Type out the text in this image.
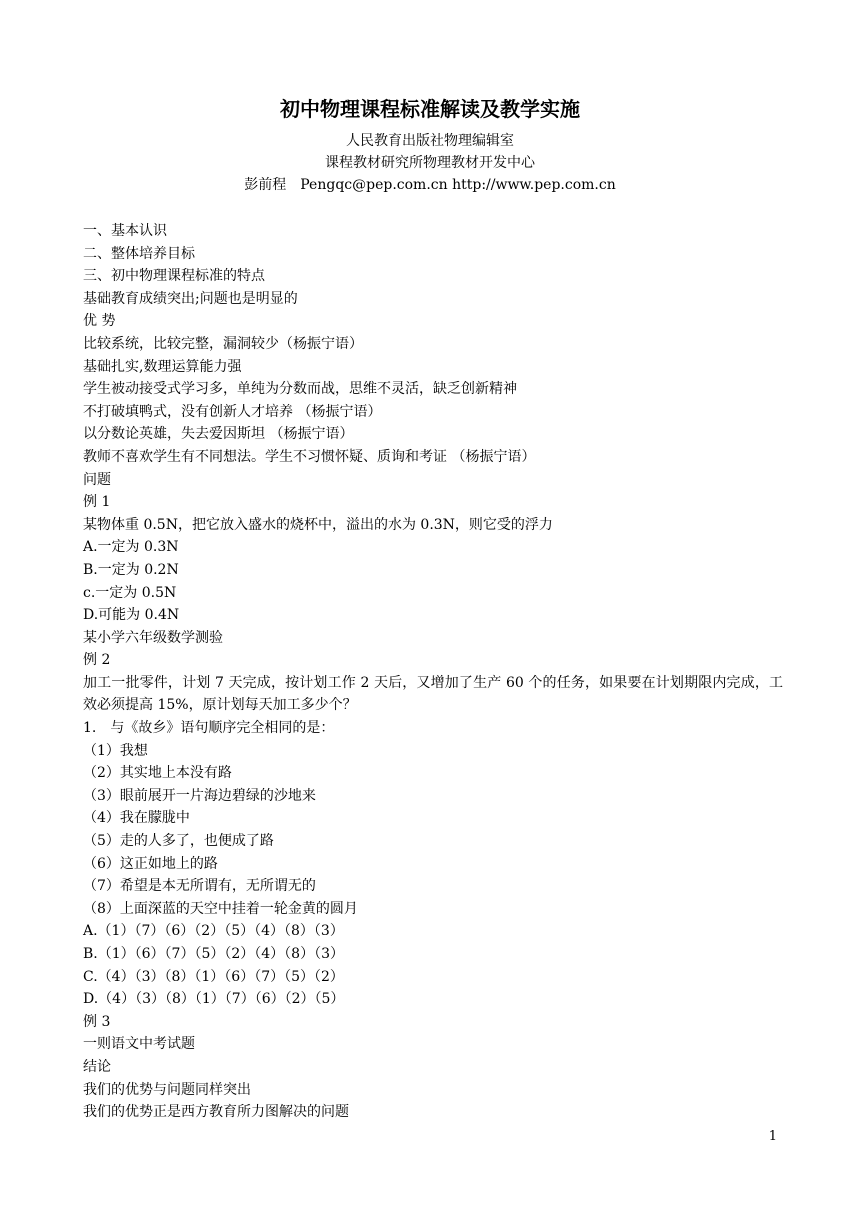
初中物理课程标准解读及教学实施

人民教育出版社物理编辑室

课程教材研究所物理教材开发中心

彭前程　Pengqc@pep.com.cn http://www.pep.com.cn

一、基本认识

二、整体培养目标

三、初中物理课程标准的特点

基础教育成绩突出;问题也是明显的

优 势

比较系统，比较完整，漏洞较少（杨振宁语）

基础扎实,数理运算能力强

学生被动接受式学习多，单纯为分数而战，思维不灵活，缺乏创新精神

不打破填鸭式，没有创新人才培养 （杨振宁语）

以分数论英雄，失去爱因斯坦 （杨振宁语）

教师不喜欢学生有不同想法。学生不习惯怀疑、质询和考证 （杨振宁语）

问题

例 1

某物体重 0.5N，把它放入盛水的烧杯中，溢出的水为 0.3N，则它受的浮力

A.一定为 0.3N

B.一定为 0.2N

c.一定为 0.5N

D.可能为 0.4N

某小学六年级数学测验

例 2

加工一批零件，计划 7 天完成，按计划工作 2 天后，又增加了生产 60 个的任务，如果要在计划期限内完成，工效必须提高 15%，原计划每天加工多少个？

1.　与《故乡》语句顺序完全相同的是：

（1）我想

（2）其实地上本没有路

（3）眼前展开一片海边碧绿的沙地来

（4）我在朦胧中

（5）走的人多了，也便成了路

（6）这正如地上的路

（7）希望是本无所谓有，无所谓无的

（8）上面深蓝的天空中挂着一轮金黄的圆月

A.（1）（7）（6）（2）（5）（4）（8）（3）

B.（1）（6）（7）（5）（2）（4）（8）（3）

C.（4）（3）（8）（1）（6）（7）（5）（2）

D.（4）（3）（8）（1）（7）（6）（2）（5）

例 3

一则语文中考试题

结论

我们的优势与问题同样突出

我们的优势正是西方教育所力图解决的问题

1
